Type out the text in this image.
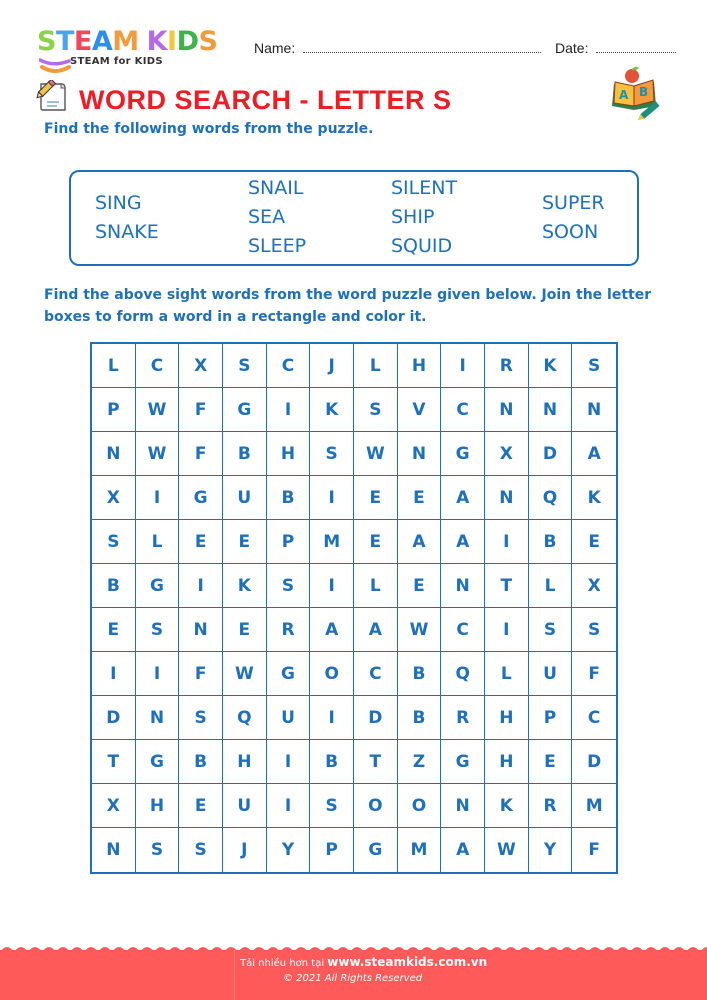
S T E A M K I D S
STEAM for KIDS
Name:	Date:
WORD SEARCH - LETTER S	A B
Find the following words from the puzzle.
SING
SNAKE
SNAIL
SEA
SLEEP
SILENT
SHIP
SQUID
SUPER
SOON
Find the above sight words from the word puzzle given below. Join the letter boxes to form a word in a rectangle and color it.
L	C	X	S	C	J	L	H	I	R	K	S
P	W	F	G	I	K	S	V	C	N	N	N
N	W	F	B	H	S	W	N	G	X	D	A
X	I	G	U	B	I	E	E	A	N	Q	K
S	L	E	E	P	M	E	A	A	I	B	E
B	G	I	K	S	I	L	E	N	T	L	X
E	S	N	E	R	A	A	W	C	I	S	S
I	I	F	W	G	O	C	B	Q	L	U	F
D	N	S	Q	U	I	D	B	R	H	P	C
T	G	B	H	I	B	T	Z	G	H	E	D
X	H	E	U	I	S	O	O	N	K	R	M
N	S	S	J	Y	P	G	M	A	W	Y	F
Tải nhiều hơn tại www.steamkids.com.vn
© 2021 All Rights Reserved
